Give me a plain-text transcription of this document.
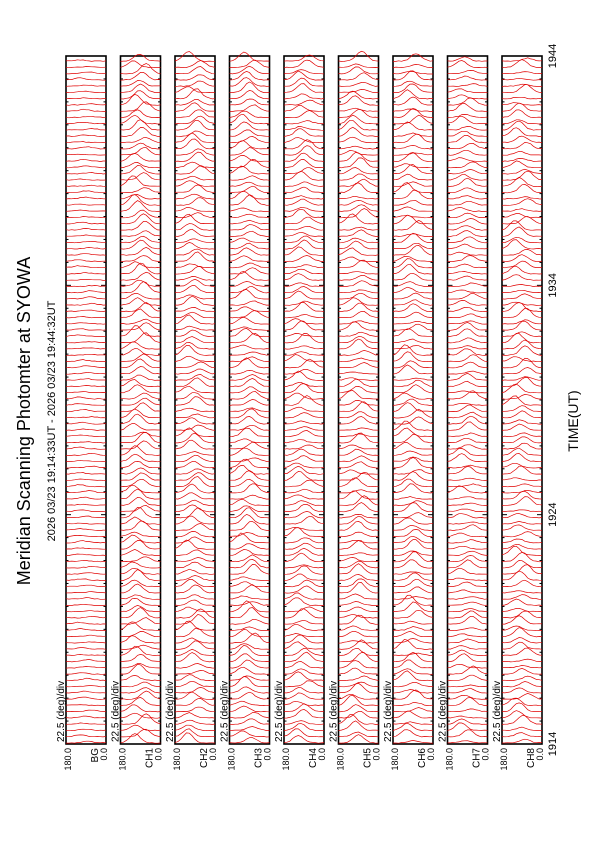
Meridian Scanning Photomter at SYOWA 2026 03/23 19:14:33UT - 2026 03/23 19:44:32UT	TIME(UT)
180.0	0.0
BG
22.5 (deg)/div
180.0	0.0
CH1
22.5 (deg)/div
180.0	0.0
CH2
22.5 (deg)/div
180.0	0.0
CH3
22.5 (deg)/div
180.0	0.0
CH4
22.5 (deg)/div
180.0	0.0
CH5
22.5 (deg)/div
180.0	0.0
CH6
22.5 (deg)/div
180.0	0.0
CH7
22.5 (deg)/div
180.0	0.0
CH8
22.5 (deg)/div
1914
1924
1934
1944
